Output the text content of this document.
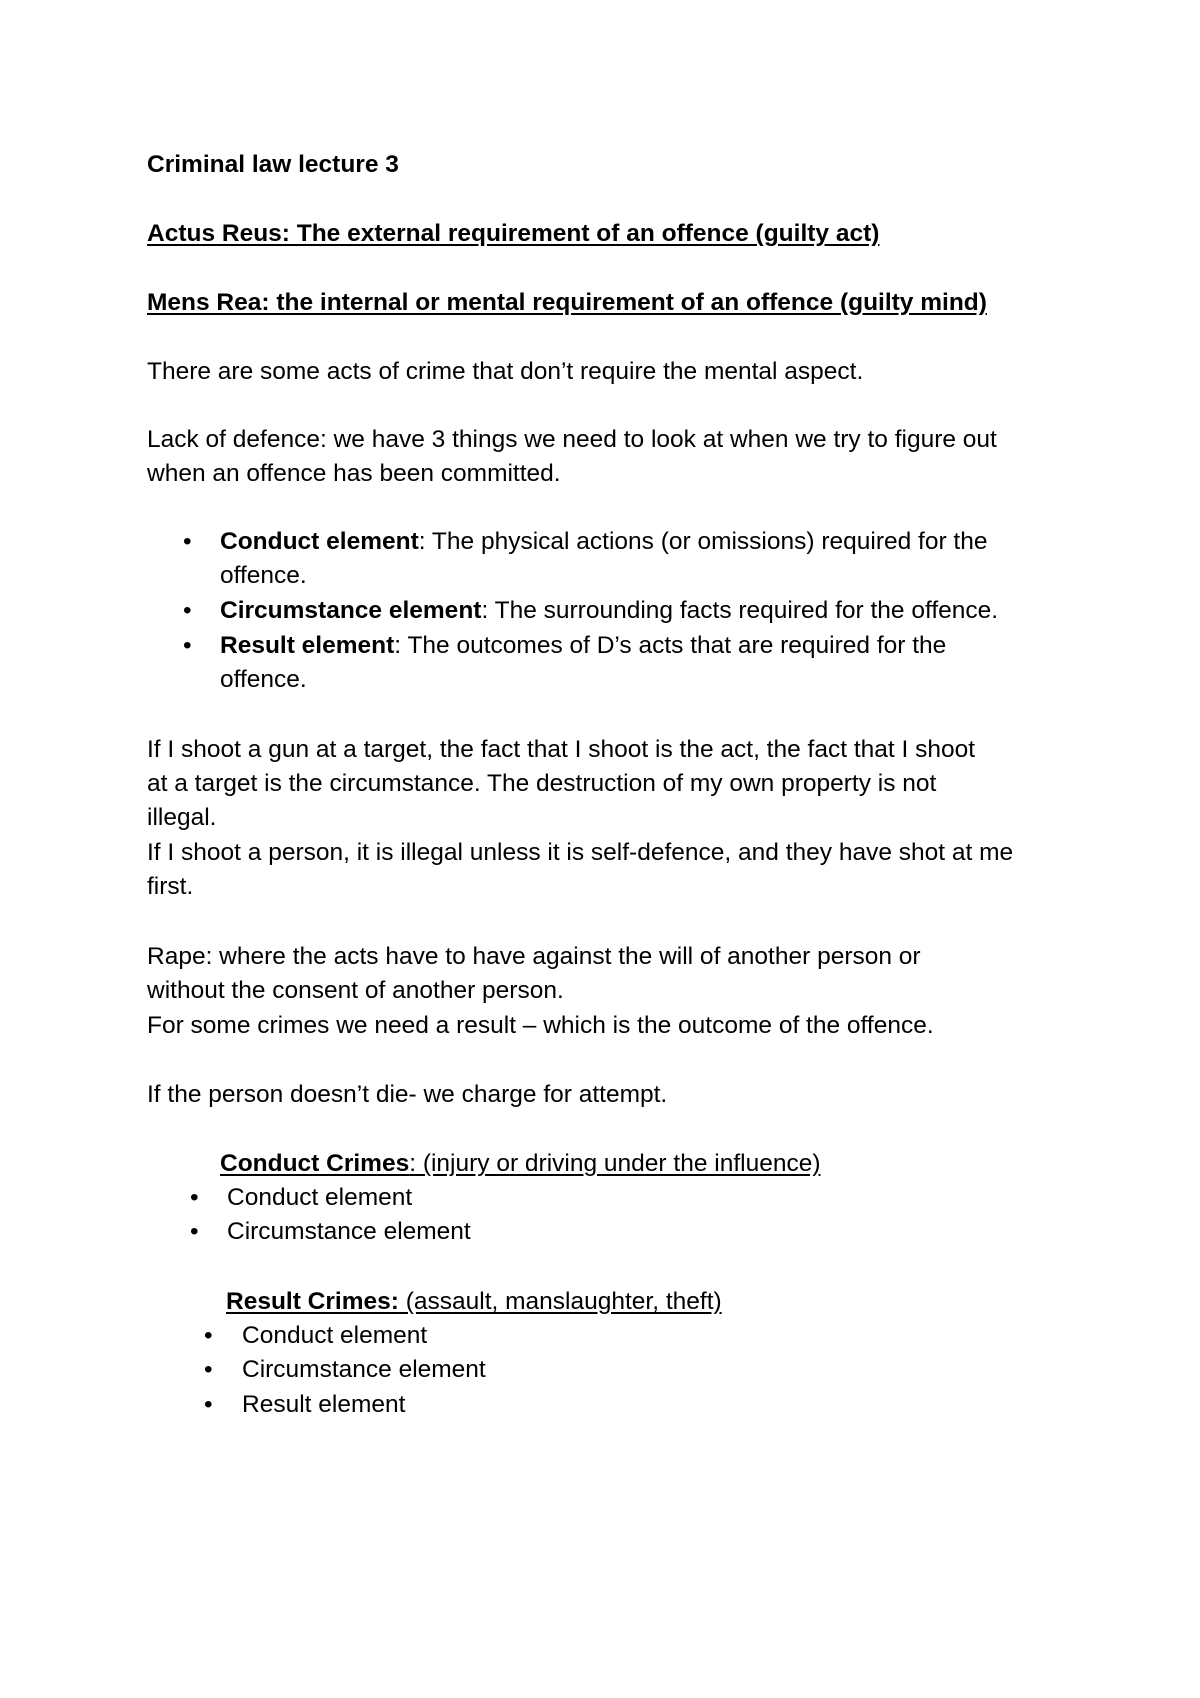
Criminal law lecture 3
Actus Reus: The external requirement of an offence (guilty act)
Mens Rea: the internal or mental requirement of an offence (guilty mind)
There are some acts of crime that don’t require the mental aspect.
Lack of defence: we have 3 things we need to look at when we try to figure out
when an offence has been committed.
• Conduct element: The physical actions (or omissions) required for the
offence.
• Circumstance element: The surrounding facts required for the offence.
• Result element: The outcomes of D’s acts that are required for the
offence.
If I shoot a gun at a target, the fact that I shoot is the act, the fact that I shoot
at a target is the circumstance. The destruction of my own property is not
illegal.
If I shoot a person, it is illegal unless it is self-defence, and they have shot at me
first.
Rape: where the acts have to have against the will of another person or
without the consent of another person.
For some crimes we need a result – which is the outcome of the offence.
If the person doesn’t die- we charge for attempt.
Conduct Crimes: (injury or driving under the influence)
• Conduct element
• Circumstance element
Result Crimes: (assault, manslaughter, theft)
• Conduct element
• Circumstance element
• Result element
